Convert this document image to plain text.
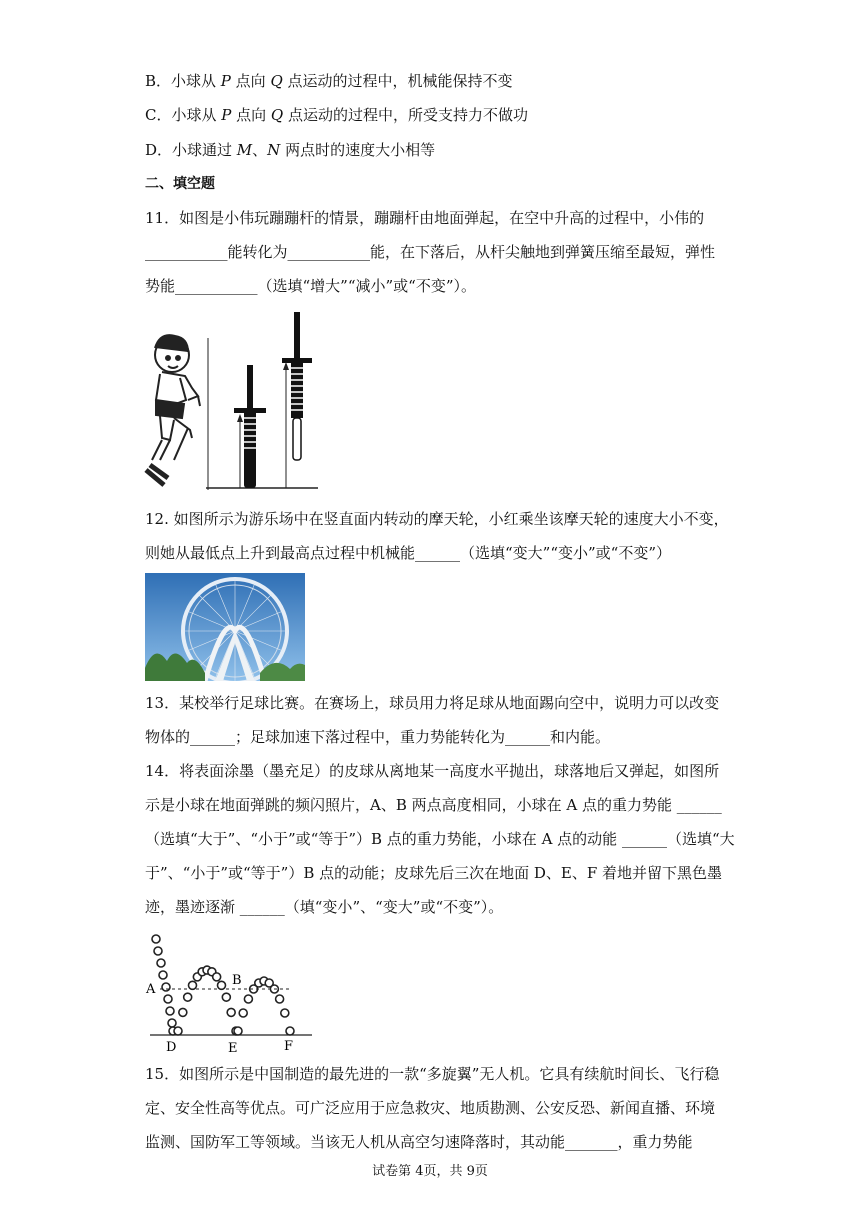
B．小球从 P 点向 Q 点运动的过程中，机械能保持不变
C．小球从 P 点向 Q 点运动的过程中，所受支持力不做功
D．小球通过 M、N 两点时的速度大小相等
二、填空题
11．如图是小伟玩蹦蹦杆的情景，蹦蹦杆由地面弹起，在空中升高的过程中，小伟的
___________能转化为___________能，在下落后，从杆尖触地到弹簧压缩至最短，弹性
势能___________（选填“增大”“减小”或“不变”）。
12. 如图所示为游乐场中在竖直面内转动的摩天轮，小红乘坐该摩天轮的速度大小不变，
则她从最低点上升到最高点过程中机械能______（选填“变大”“变小”或“不变”）
13．某校举行足球比赛。在赛场上，球员用力将足球从地面踢向空中，说明力可以改变
物体的______；足球加速下落过程中，重力势能转化为______和内能。
14．将表面涂墨（墨充足）的皮球从离地某一高度水平抛出，球落地后又弹起，如图所
示是小球在地面弹跳的频闪照片，A、B 两点高度相同，小球在 A 点的重力势能 ______
（选填“大于”、“小于”或“等于”）B 点的重力势能，小球在 A 点的动能 ______（选填“大
于”、“小于”或“等于”）B 点的动能；皮球先后三次在地面 D、E、F 着地并留下黑色墨
迹，墨迹逐渐 ______（填“变小”、“变大”或“不变”）。
A
B
D	E	F
15．如图所示是中国制造的最先进的一款“多旋翼”无人机。它具有续航时间长、飞行稳
定、安全性高等优点。可广泛应用于应急救灾、地质勘测、公安反恐、新闻直播、环境
监测、国防军工等领域。当该无人机从高空匀速降落时，其动能_______，重力势能
试卷第 4页，共 9页
